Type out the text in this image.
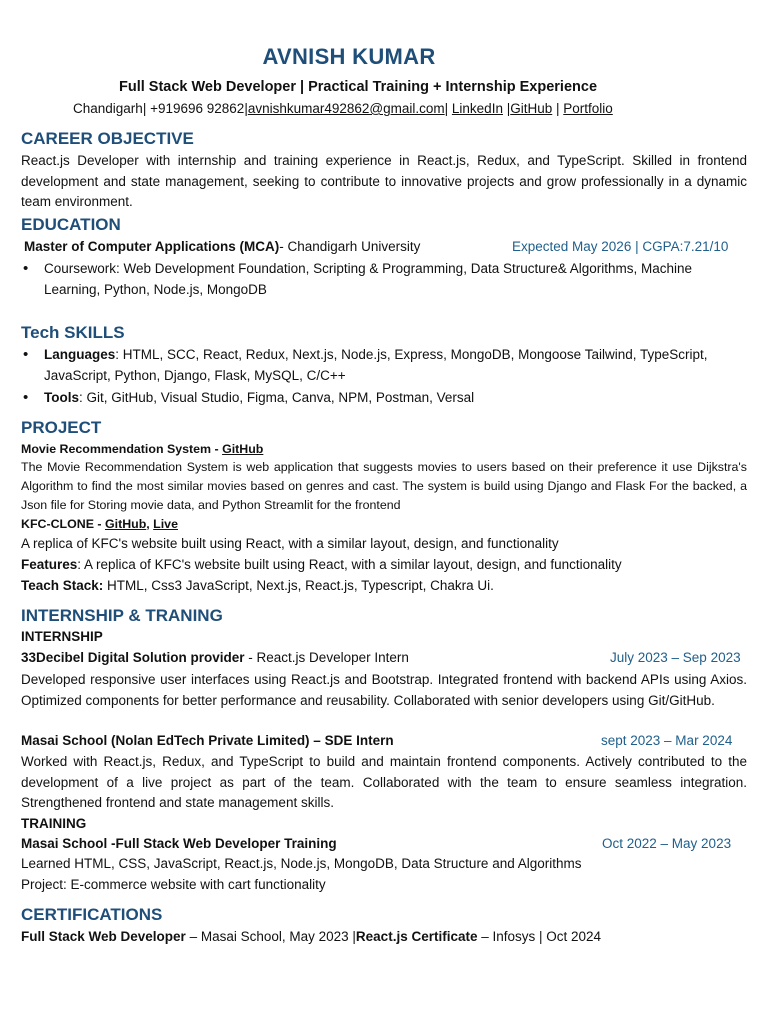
AVNISH KUMAR
Full Stack Web Developer | Practical Training + Internship Experience
Chandigarh| +919696 92862|avnishkumar492862@gmail.com| LinkedIn |GitHub | Portfolio
CAREER OBJECTIVE
React.js Developer with internship and training experience in React.js, Redux, and TypeScript. Skilled in frontend development and state management, seeking to contribute to innovative projects and grow professionally in a dynamic team environment.
EDUCATION
Master of Computer Applications (MCA)- Chandigarh University	Expected May 2026 | CGPA:7.21/10
• Coursework: Web Development Foundation, Scripting & Programming, Data Structure& Algorithms, Machine Learning, Python, Node.js, MongoDB
Tech SKILLS
• Languages: HTML, SCC, React, Redux, Next.js, Node.js, Express, MongoDB, Mongoose Tailwind, TypeScript, JavaScript, Python, Django, Flask, MySQL, C/C++
• Tools: Git, GitHub, Visual Studio, Figma, Canva, NPM, Postman, Versal
PROJECT
Movie Recommendation System - GitHub
The Movie Recommendation System is web application that suggests movies to users based on their preference it use Dijkstra's Algorithm to find the most similar movies based on genres and cast. The system is build using Django and Flask For the backed, a Json file for Storing movie data, and Python Streamlit for the frontend
KFC-CLONE - GitHub, Live
A replica of KFC's website built using React, with a similar layout, design, and functionality
Features: A replica of KFC's website built using React, with a similar layout, design, and functionality
Teach Stack: HTML, Css3 JavaScript, Next.js, React.js, Typescript, Chakra Ui.
INTERNSHIP & TRANING
INTERNSHIP
33Decibel Digital Solution provider - React.js Developer Intern	July 2023 – Sep 2023
Developed responsive user interfaces using React.js and Bootstrap. Integrated frontend with backend APIs using Axios. Optimized components for better performance and reusability. Collaborated with senior developers using Git/GitHub.
Masai School (Nolan EdTech Private Limited) – SDE Intern	sept 2023 – Mar 2024
Worked with React.js, Redux, and TypeScript to build and maintain frontend components. Actively contributed to the development of a live project as part of the team. Collaborated with the team to ensure seamless integration. Strengthened frontend and state management skills.
TRAINING
Masai School -Full Stack Web Developer Training	Oct 2022 – May 2023
Learned HTML, CSS, JavaScript, React.js, Node.js, MongoDB, Data Structure and Algorithms
Project: E-commerce website with cart functionality
CERTIFICATIONS
Full Stack Web Developer – Masai School, May 2023 |React.js Certificate – Infosys | Oct 2024
